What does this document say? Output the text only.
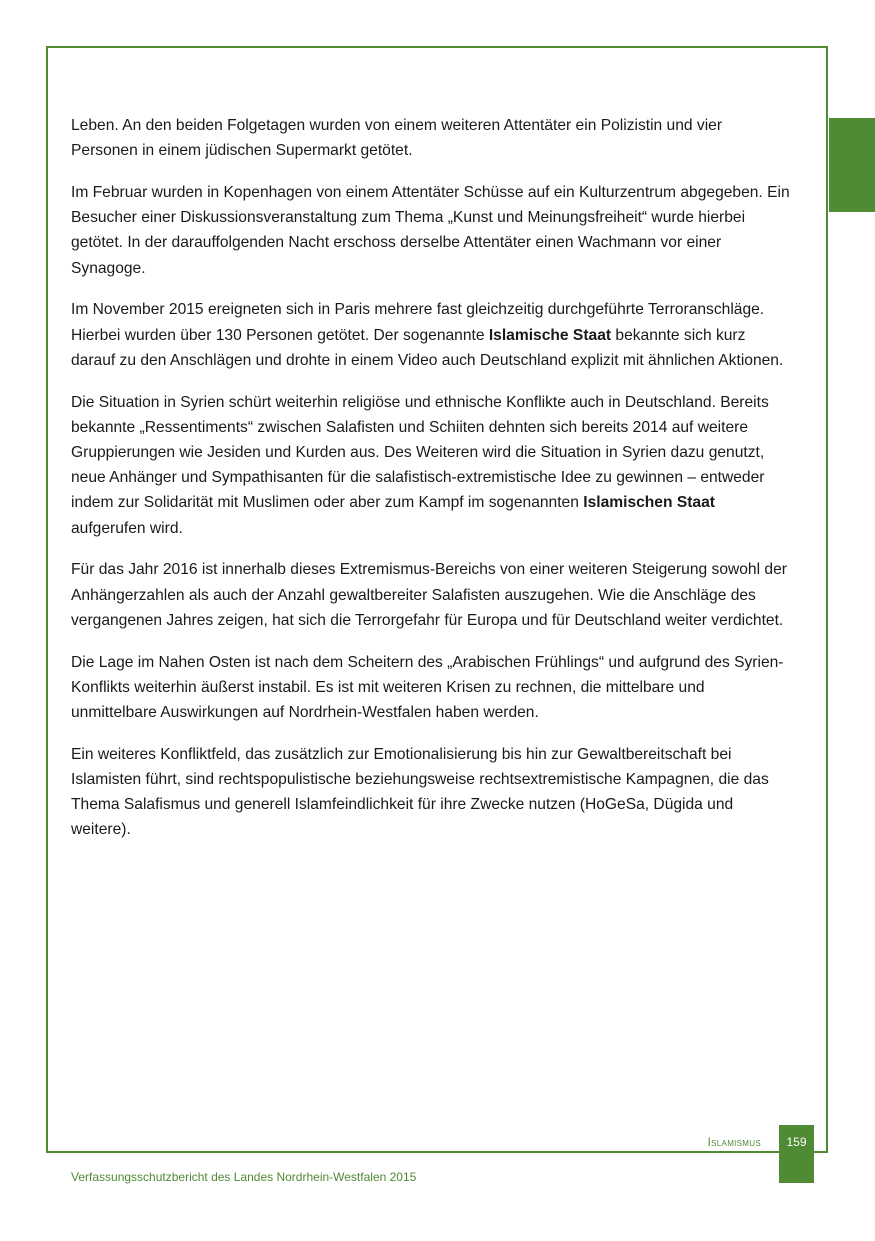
Leben. An den beiden Folgetagen wurden von einem weiteren Attentäter ein Polizistin und vier Personen in einem jüdischen Supermarkt getötet.

Im Februar wurden in Kopenhagen von einem Attentäter Schüsse auf ein Kulturzentrum abgegeben. Ein Besucher einer Diskussionsveranstaltung zum Thema „Kunst und Meinungsfreiheit“ wurde hierbei getötet. In der darauffolgenden Nacht erschoss derselbe Attentäter einen Wachmann vor einer Synagoge.

Im November 2015 ereigneten sich in Paris mehrere fast gleichzeitig durchgeführte Terroranschläge. Hierbei wurden über 130 Personen getötet. Der sogenannte Islamische Staat bekannte sich kurz darauf zu den Anschlägen und drohte in einem Video auch Deutschland explizit mit ähnlichen Aktionen.

Die Situation in Syrien schürt weiterhin religiöse und ethnische Konflikte auch in Deutschland. Bereits bekannte „Ressentiments“ zwischen Salafisten und Schiiten dehnten sich bereits 2014 auf weitere Gruppierungen wie Jesiden und Kurden aus. Des Weiteren wird die Situation in Syrien dazu genutzt, neue Anhänger und Sympathisanten für die salafistisch-extremistische Idee zu gewinnen – entweder indem zur Solidarität mit Muslimen oder aber zum Kampf im sogenannten Islamischen Staat aufgerufen wird.

Für das Jahr 2016 ist innerhalb dieses Extremismus-Bereichs von einer weiteren Steigerung sowohl der Anhängerzahlen als auch der Anzahl gewaltbereiter Salafisten auszugehen. Wie die Anschläge des vergangenen Jahres zeigen, hat sich die Terrorgefahr für Europa und für Deutschland weiter verdichtet.

Die Lage im Nahen Osten ist nach dem Scheitern des „Arabischen Frühlings“ und aufgrund des Syrien-Konflikts weiterhin äußerst instabil. Es ist mit weiteren Krisen zu rechnen, die mittelbare und unmittelbare Auswirkungen auf Nordrhein-Westfalen haben werden.

Ein weiteres Konfliktfeld, das zusätzlich zur Emotionalisierung bis hin zur Gewaltbereitschaft bei Islamisten führt, sind rechtspopulistische beziehungsweise rechtsextremistische Kampagnen, die das Thema Salafismus und generell Islamfeindlichkeit für ihre Zwecke nutzen (HoGeSa, Dügida und weitere).

Islamismus	159
Verfassungsschutzbericht des Landes Nordrhein-Westfalen 2015
